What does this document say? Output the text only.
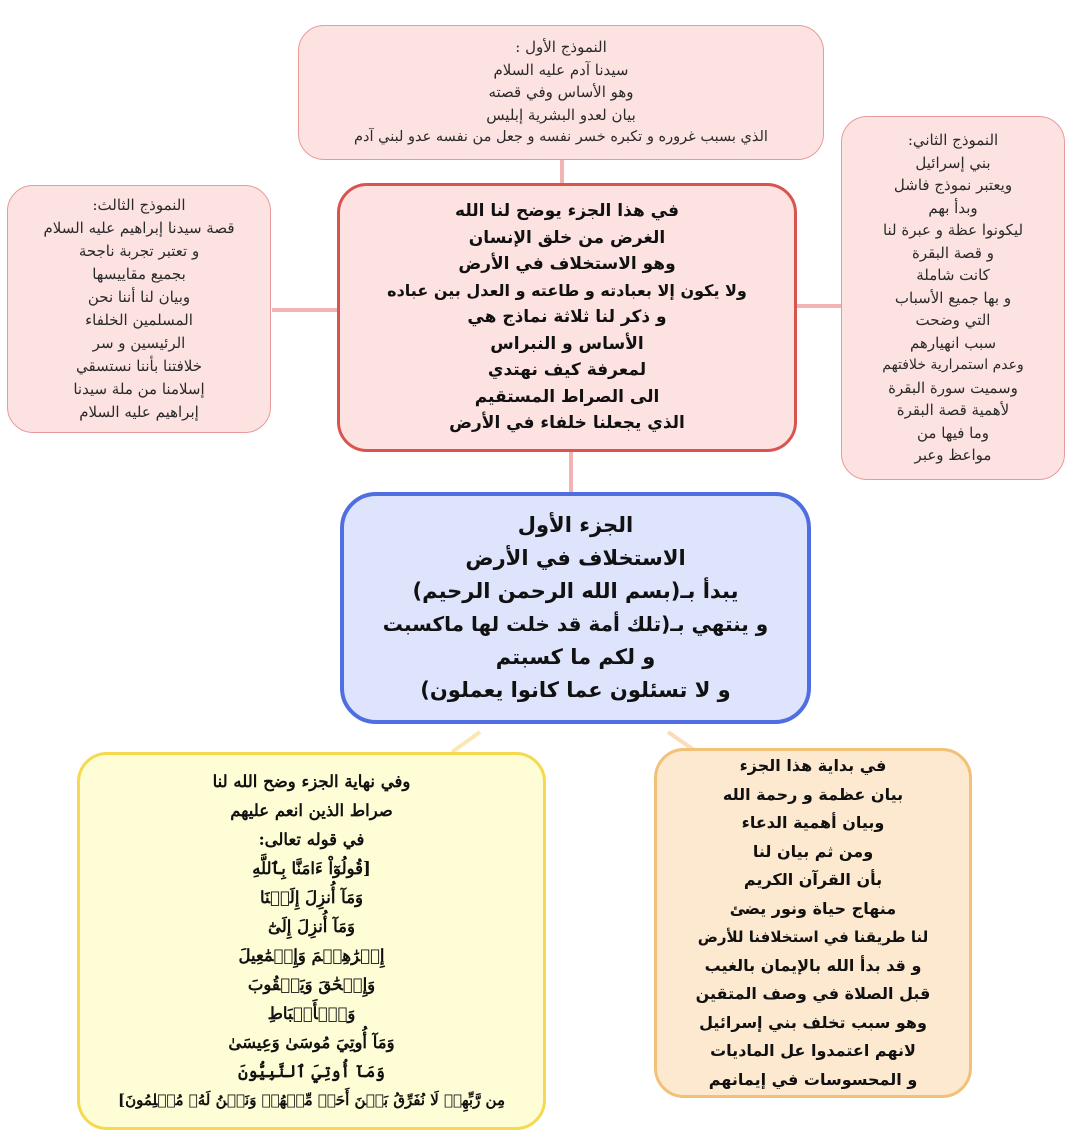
النموذج الأول :
سيدنا آدم عليه السلام
وهو الأساس وفي قصته
بيان لعدو البشرية إبليس
الذي بسبب غروره و تكبره خسر نفسه و جعل من نفسه عدو لبني آدم	النموذج الثاني:
بني إسرائيل
ويعتبر نموذج فاشل
وبدأ بهم
ليكونوا عظة و عبرة لنا
و قصة البقرة
كانت شاملة
و بها جميع الأسباب
التي وضحت
سبب انهيارهم
وعدم استمرارية خلافتهم
وسميت سورة البقرة
لأهمية قصة البقرة
وما فيها من
مواعظ وعبر
النموذج الثالث:
قصة سيدنا إبراهيم عليه السلام
و تعتبر تجربة ناجحة
بجميع مقاييسها
وبيان لنا أننا نحن
المسلمين الخلفاء
الرئيسين و سر
خلافتنا بأننا نستسقي
إسلامنا من ملة سيدنا
إبراهيم عليه السلام
في هذا الجزء يوضح لنا الله
الغرض من خلق الإنسان
وهو الاستخلاف في الأرض
ولا يكون إلا بعبادته و طاعته و العدل بين عباده
و ذكر لنا ثلاثة نماذج هي
الأساس و النبراس
لمعرفة كيف نهتدي
الى الصراط المستقيم
الذي يجعلنا خلفاء في الأرض
الجزء الأول
الاستخلاف في الأرض
يبدأ بـ(بسم الله الرحمن الرحيم)
و ينتهي بـ(تلك أمة قد خلت لها ماكسبت
و لكم ما كسبتم
و لا تسئلون عما كانوا يعملون)
وفي نهاية الجزء وضح الله لنا
صراط الذين انعم عليهم
في قوله تعالى:
[قُولُوٓاْ ءَامَنَّا بِٱللَّهِ
وَمَآ أُنزِلَ إِلَيۡنَا
وَمَآ أُنزِلَ إِلَىٰٓ
إِبۡرَٰهِـۧمَ وَإِسۡمَٰعِيلَ
وَإِسۡحَٰقَ وَيَعۡقُوبَ
وَٱلۡأَسۡبَاطِ
وَمَآ أُوتِيَ مُوسَىٰ وَعِيسَىٰ
وَمَآ أُوتِيَ ٱلنَّبِيُّونَ
مِن رَّبِّهِمۡ لَا نُفَرِّقُ بَيۡنَ أَحَدٖ مِّنۡهُمۡ وَنَحۡنُ لَهُۥ مُسۡلِمُونَ]
في بداية هذا الجزء
بيان عظمة و رحمة الله
وبيان أهمية الدعاء
ومن ثم بيان لنا
بأن القرآن الكريم
منهاج حياة ونور يضئ
لنا طريقنا في استخلافنا للأرض
و قد بدأ الله بالإيمان بالغيب
قبل الصلاة في وصف المتقين
وهو سبب تخلف بني إسرائيل
لانهم اعتمدوا عل الماديات
و المحسوسات في إيمانهم
